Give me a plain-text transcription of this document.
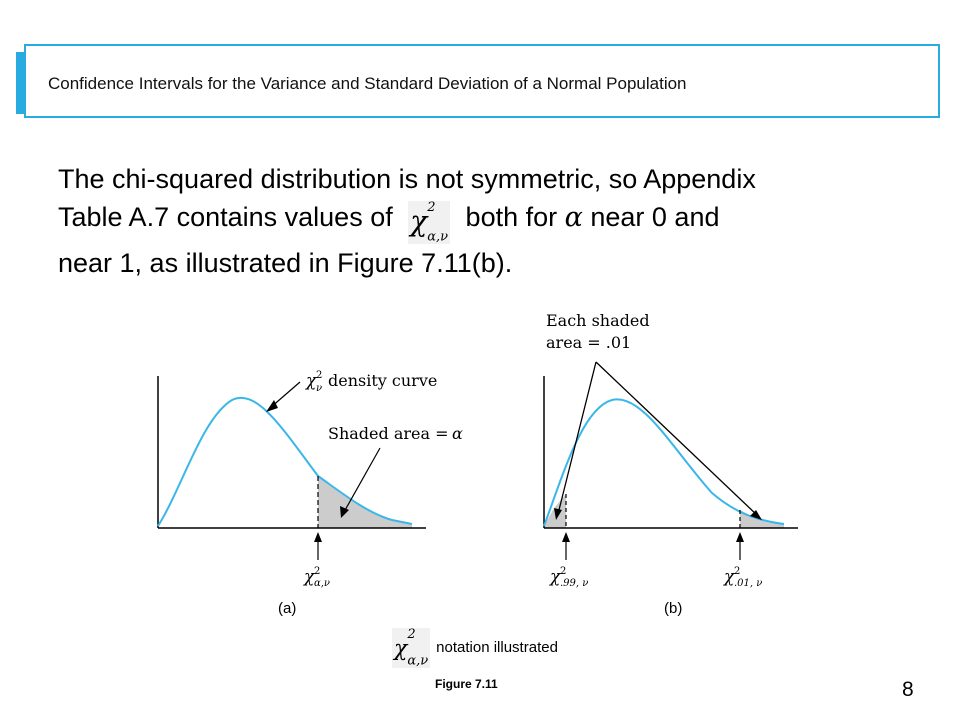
Confidence Intervals for the Variance and Standard Deviation of a Normal Population
The chi-squared distribution is not symmetric, so Appendix
Table A.7 contains values of $\chi^2$
$_{\alpha,\nu}$ both for α near 0 and
near 1, as illustrated in Figure 7.11(b).
χ 2
ν density curve
Shaded area = α
χ 2
α,ν
Each shaded
area = .01
χ 2
.99, ν	χ 2
.01, ν
(a)	(b)
$\chi^2$
$_{\alpha,\nu}$
notation illustrated
Figure 7.11	8
